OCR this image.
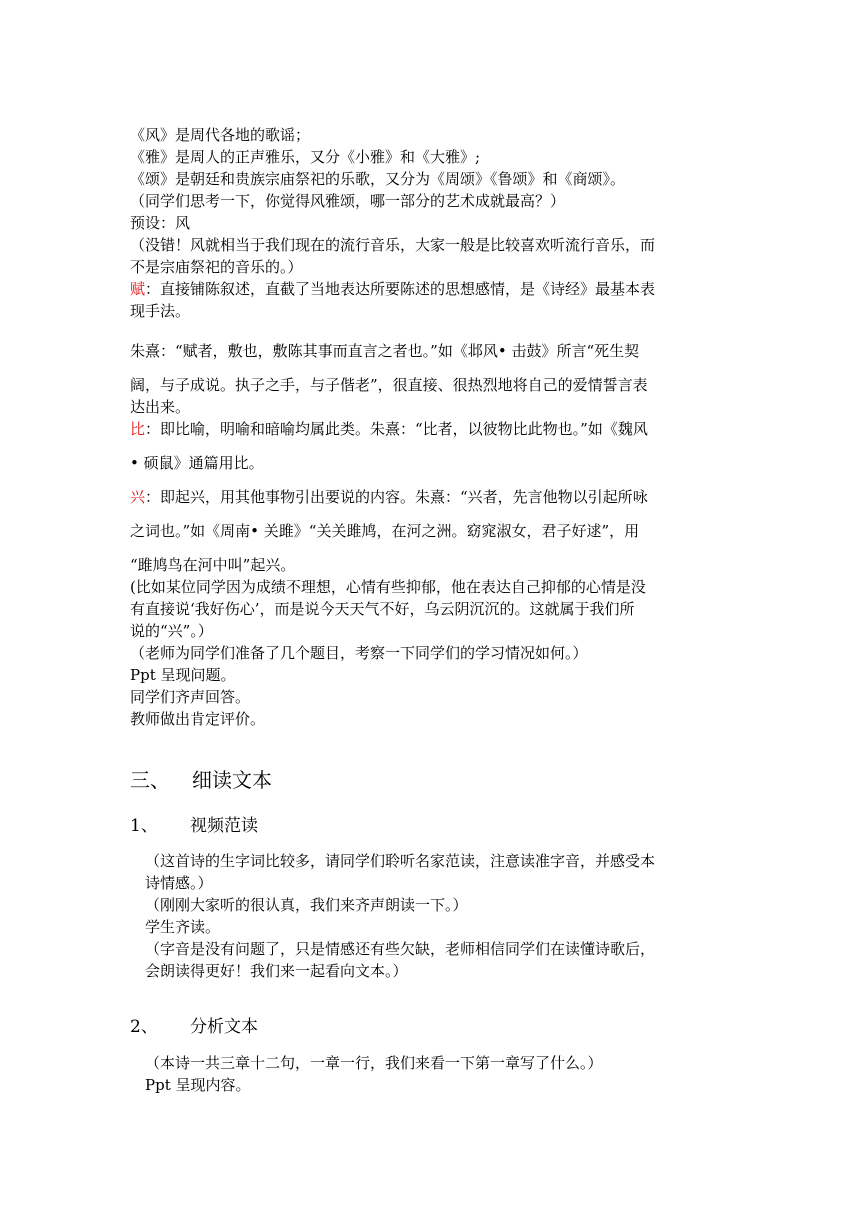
《风》是周代各地的歌谣；
《雅》是周人的正声雅乐，又分《小雅》和《大雅》;
《颂》是朝廷和贵族宗庙祭祀的乐歌，又分为《周颂》《鲁颂》和《商颂》。
（同学们思考一下，你觉得风雅颂，哪一部分的艺术成就最高？）
预设：风
（没错！风就相当于我们现在的流行音乐，大家一般是比较喜欢听流行音乐，而
不是宗庙祭祀的音乐的。）
赋：直接铺陈叙述，直截了当地表达所要陈述的思想感情，是《诗经》最基本表
现手法。
朱熹：“赋者，敷也，敷陈其事而直言之者也。”如《邶风• 击鼓》所言“死生契
阔，与子成说。执子之手，与子偕老”，很直接、很热烈地将自己的爱情誓言表
达出来。
比：即比喻，明喻和暗喻均属此类。朱熹：“比者，以彼物比此物也。”如《魏风
• 硕鼠》通篇用比。
兴：即起兴，用其他事物引出要说的内容。朱熹：“兴者，先言他物以引起所咏
之词也。”如《周南• 关雎》“关关雎鸠，在河之洲。窈窕淑女，君子好逑”，用
“雎鸠鸟在河中叫”起兴。
(比如某位同学因为成绩不理想，心情有些抑郁，他在表达自己抑郁的心情是没
有直接说‘我好伤心’，而是说今天天气不好，乌云阴沉沉的。这就属于我们所
说的“兴”。）
（老师为同学们准备了几个题目，考察一下同学们的学习情况如何。）
Ppt 呈现问题。
同学们齐声回答。
教师做出肯定评价。
三、 细读文本
1、 视频范读
（这首诗的生字词比较多，请同学们聆听名家范读，注意读准字音，并感受本
诗情感。）
（刚刚大家听的很认真，我们来齐声朗读一下。）
学生齐读。
（字音是没有问题了，只是情感还有些欠缺，老师相信同学们在读懂诗歌后，
会朗读得更好！我们来一起看向文本。）
2、 分析文本
（本诗一共三章十二句，一章一行，我们来看一下第一章写了什么。）
Ppt 呈现内容。
